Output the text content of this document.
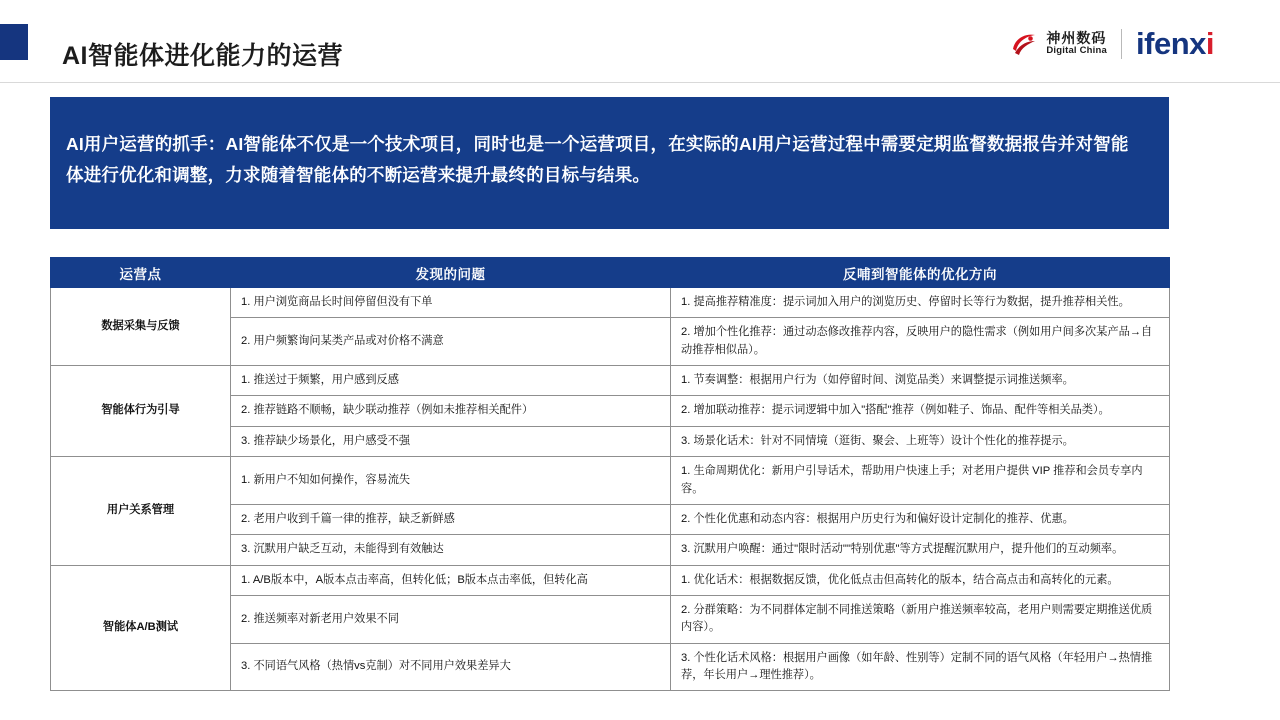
AI智能体进化能力的运营
神州数码
Digital China ifenxi
AI用户运营的抓手：AI智能体不仅是一个技术项目，同时也是一个运营项目，在实际的AI用户运营过程中需要定期监督数据报告并对智能体进行优化和调整，力求随着智能体的不断运营来提升最终的目标与结果。
运营点	发现的问题	反哺到智能体的优化方向
数据采集与反馈	1. 用户浏览商品长时间停留但没有下单	1. 提高推荐精准度：提示词加入用户的浏览历史、停留时长等行为数据，提升推荐相关性。
	2. 用户频繁询问某类产品或对价格不满意	2. 增加个性化推荐：通过动态修改推荐内容，反映用户的隐性需求（例如用户间多次某产品→自动推荐相似品）。
智能体行为引导	1. 推送过于频繁，用户感到反感	1. 节奏调整：根据用户行为（如停留时间、浏览品类）来调整提示词推送频率。
	2. 推荐链路不顺畅，缺少联动推荐（例如未推荐相关配件）	2. 增加联动推荐：提示词逻辑中加入"搭配"推荐（例如鞋子、饰品、配件等相关品类）。
	3. 推荐缺少场景化，用户感受不强	3. 场景化话术：针对不同情境（逛街、聚会、上班等）设计个性化的推荐提示。
用户关系管理	1. 新用户不知如何操作，容易流失	1. 生命周期优化：新用户引导话术，帮助用户快速上手；对老用户提供 VIP 推荐和会员专享内容。
	2. 老用户收到千篇一律的推荐，缺乏新鲜感	2. 个性化优惠和动态内容：根据用户历史行为和偏好设计定制化的推荐、优惠。
	3. 沉默用户缺乏互动，未能得到有效触达	3. 沉默用户唤醒：通过"限时活动""特别优惠"等方式提醒沉默用户，提升他们的互动频率。
智能体A/B测试	1. A/B版本中，A版本点击率高，但转化低；B版本点击率低，但转化高	1. 优化话术：根据数据反馈，优化低点击但高转化的版本，结合高点击和高转化的元素。
	2. 推送频率对新老用户效果不同	2. 分群策略：为不同群体定制不同推送策略（新用户推送频率较高，老用户则需要定期推送优质内容）。
	3. 不同语气风格（热情vs克制）对不同用户效果差异大	3. 个性化话术风格：根据用户画像（如年龄、性别等）定制不同的语气风格（年轻用户→热情推荐，年长用户→理性推荐）。
